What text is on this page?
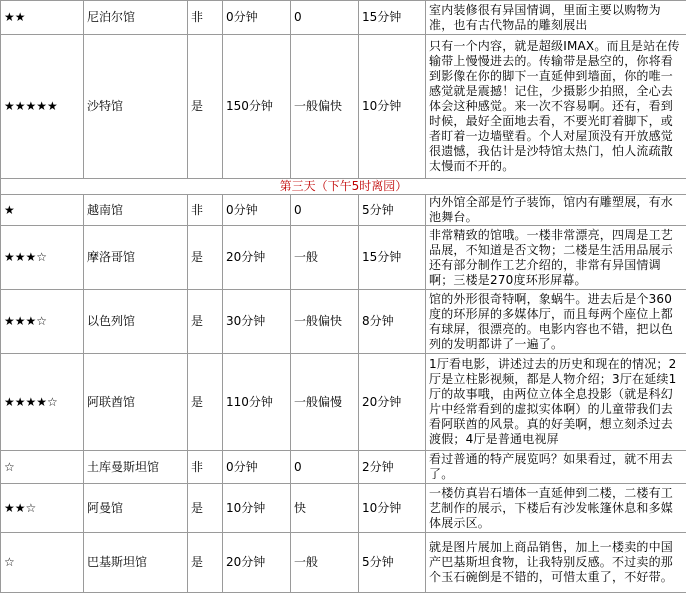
★★	尼泊尔馆	非	0分钟	0	15分钟	室内装修很有异国情调，里面主要以购物为准，也有古代物品的雕刻展出
★★★★★	沙特馆	是	150分钟	一般偏快	10分钟	只有一个内容，就是超级IMAX。而且是站在传输带上慢慢进去的。传输带是悬空的，你将看到影像在你的脚下一直延伸到墙面，你的唯一感觉就是震撼！记住，少摄影少拍照，全心去体会这种感觉。来一次不容易啊。还有，看到时候，最好全面地去看，不要光盯着脚下，或者盯着一边墙壁看。个人对屋顶没有开放感觉很遗憾，我估计是沙特馆太热门，怕人流疏散太慢而不开的。
第三天（下午5时离园）						
★	越南馆	非	0分钟	0	5分钟	内外馆全部是竹子装饰，馆内有雕塑展，有水池舞台。
★★★☆	摩洛哥馆	是	20分钟	一般	15分钟	非常精致的馆哦。一楼非常漂亮，四周是工艺品展，不知道是否文物；二楼是生活用品展示还有部分制作工艺介绍的，非常有异国情调啊；三楼是270度环形屏幕。
★★★☆	以色列馆	是	30分钟	一般偏快	8分钟	馆的外形很奇特啊，象蜗牛。进去后是个360度的环形屏的多媒体厅，而且每两个座位上都有球屏，很漂亮的。电影内容也不错，把以色列的发明都讲了一遍了。
★★★★☆	阿联酋馆	是	110分钟	一般偏慢	20分钟	1厅看电影，讲述过去的历史和现在的情况；2厅是立柱影视频，都是人物介绍；3厅在延续1厅的故事哦，由两位立体全息投影（就是科幻片中经常看到的虚拟实体啊）的儿童带我们去看阿联酋的风景。真的好美啊，想立刻杀过去渡假；4厅是普通电视屏
☆	土库曼斯坦馆	非	0分钟	0	2分钟	看过普通的特产展览吗？如果看过，就不用去了。
★★☆	阿曼馆	是	10分钟	快	10分钟	一楼仿真岩石墙体一直延伸到二楼，二楼有工艺制作的展示，下楼后有沙发帐篷休息和多媒体展示区。
☆	巴基斯坦馆	是	20分钟	一般	5分钟	就是图片展加上商品销售，加上一楼卖的中国产巴基斯坦食物，让我特别反感。不过卖的那个玉石碗倒是不错的，可惜太重了，不好带。
